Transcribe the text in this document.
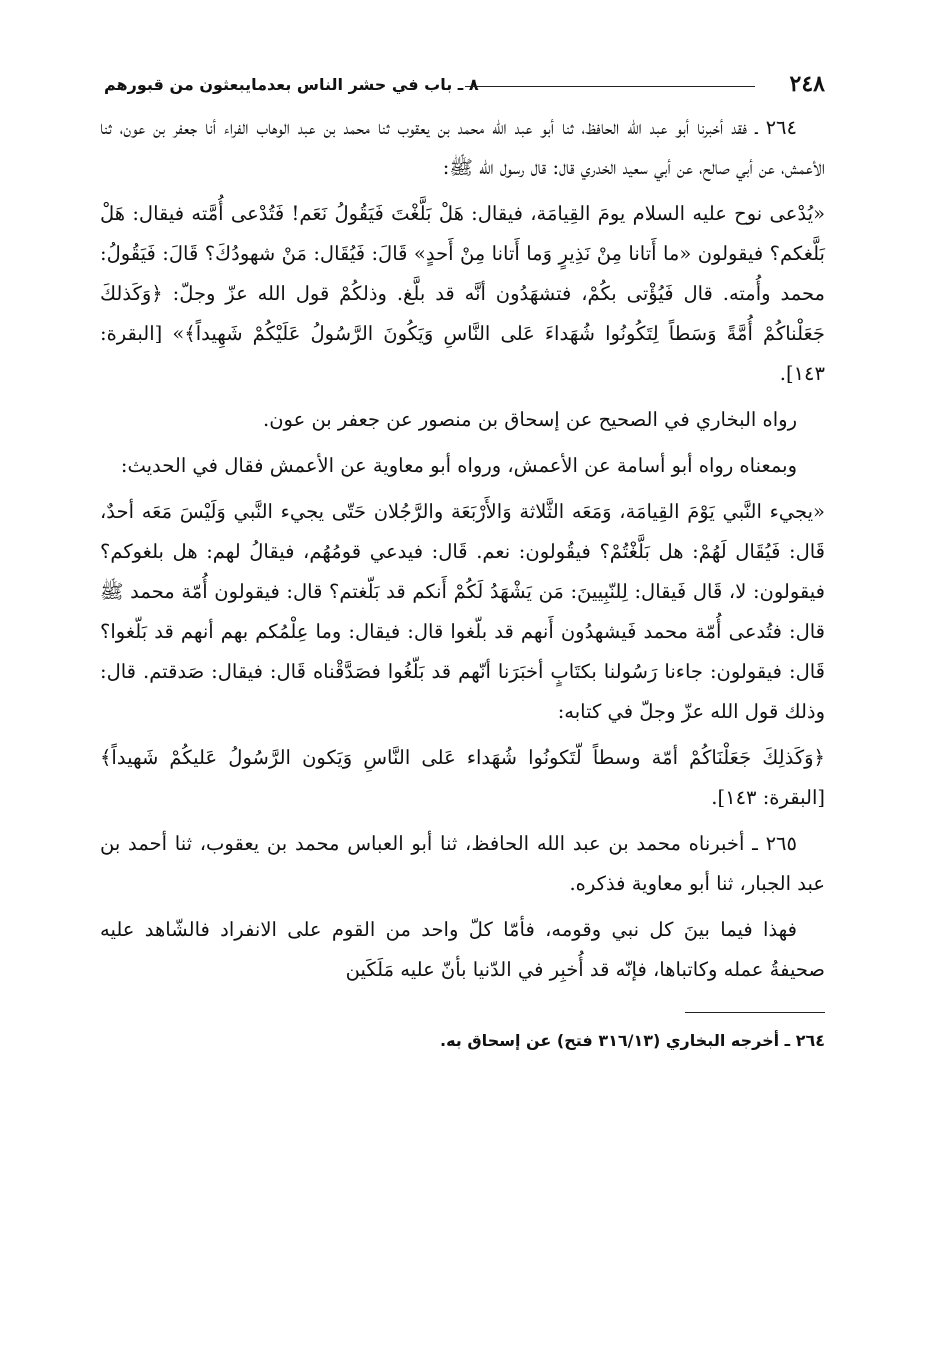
٢٤٨
٨ ـ باب في حشر الناس بعدمايبعثون من قبورهم

٢٦٤ ـ فقد أخبرنا أبو عبد الله الحافظ، ثنا أبو عبد الله محمد بن يعقوب ثنا محمد بن عبد الوهاب الفراء أنا جعفر بن عون، ثنا الأعمش، عن أبي صالح، عن أبي سعيد الخدري قال: قال رسول الله ﷺ:

«يُدْعى نوح عليه السلام يومَ القِيامَة، فيقال: هَلْ بَلَّغْتَ فَيَقُولُ نَعَم! فَتُدْعى أُمَّته فيقال: هَلْ بَلَّغكم؟ فيقولون «ما أَتانا مِنْ نَذِيرٍ وَما أَتانا مِنْ أَحدٍ» قَالَ: فَيُقَال: مَنْ شهودُكَ؟ قَالَ: فَيَقُولُ: محمد وأُمته. قال فَيُؤْتى بكُمْ، فتشهَدُون أنَّه قد بلَّغ. وذلكُمْ قول الله عزّ وجلّ: ﴿وَكَذلكَ جَعَلْناكُمْ أُمَّةً وَسَطاً لِتَكُونُوا شُهَداءَ عَلى النَّاسِ وَيَكُونَ الرَّسُولُ عَلَيْكُمْ شَهِيداً﴾» [البقرة: ١٤٣].

رواه البخاري في الصحيح عن إسحاق بن منصور عن جعفر بن عون.

وبمعناه رواه أبو أسامة عن الأعمش، ورواه أبو معاوية عن الأعمش فقال في الحديث:

«يجيء النَّبي يَوْمَ القِيامَة، وَمَعَه الثَّلاثة وَالأَرْبَعَة والرَّجُلان حَتّى يجيء النَّبي وَلَيْسَ مَعَه أحدٌ، قَال: فَيُقَال لَهُمْ: هل بَلَّغْتُمْ؟ فيقُولون: نعم. قَال: فيدعي قومُهُم، فيقالُ لهم: هل بلغوكم؟ فيقولون: لا، قَال فَيقال: لِلنّبِيينَ: مَن يَشْهَدُ لَكُمْ أَنكم قد بَلّغتم؟ قال: فيقولون أُمّة محمد ﷺ قال: فتُدعى أُمّة محمد فَيشهدُون أَنهم قد بلّغوا قال: فيقال: وما عِلْمُكم بهم أنهم قد بَلّغوا؟ قَال: فيقولون: جاءنا رَسُولنا بكتَابٍ أخبَرَنا أنّهم قد بَلّغُوا فصَدَّقْناه قَال: فيقال: صَدقتم. قال: وذلك قول الله عزّ وجلّ في كتابه:

﴿وَكَذلِكَ جَعَلْنَاكُمْ أمّة وسطاً لّتَكونُوا شُهَداء عَلى النَّاسِ وَيَكون الرَّسُولُ عَليكُمْ شَهيداً﴾ [البقرة: ١٤٣].

٢٦٥ ـ أخبرناه محمد بن عبد الله الحافظ، ثنا أبو العباس محمد بن يعقوب، ثنا أحمد بن عبد الجبار، ثنا أبو معاوية فذكره.

فهذا فيما بينَ كل نبي وقومه، فأمّا كلّ واحد من القوم على الانفراد فالشّاهد عليه صحيفةُ عمله وكاتباها، فإنّه قد أُخبِر في الدّنيا بأنّ عليه مَلَكَين

٢٦٤ ـ أخرجه البخاري (٣١٦/١٣ فتح) عن إسحاق به.
